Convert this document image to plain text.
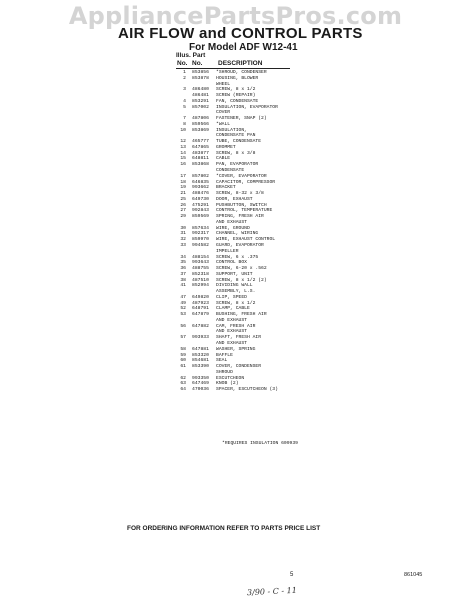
AppliancePartsPros.com
AIR FLOW and CONTROL PARTS
For Model ADF W12-41
Illus. Part
No. No. DESCRIPTION
1 853856 *SHROUD, CONDENSER
2 853878 HOUSING, BLOWER
WHEEL
3 486480 SCREW, 8 x 1/2
486481 SCREW (REPAIR)
4 853291 FAN, CONDENSATE
5 857002 INSULATION, EVAPORATOR
COVER
7 487806 FASTENER, SNAP (2)
8 859566 *WALL
10 853869 INSULATION,
CONDENSATE PAN
12 465777 TUBE, CONDENSATE
13 647865 GROMMET
14 483877 SCREW, 8 x 3/8
15 648811 CABLE
16 853868 PAN, EVAPORATOR
CONDENSATE
17 857802 *COVER, EVAPORATOR
18 646835 CAPACITOR, COMPRESSOR
19 993662 BRACKET
21 488476 SCREW, 8-32 x 3/8
25 649730 DOOR, EXHAUST
26 475291 PUSHBUTTON, SWITCH
27 992843 CONTROL, TEMPERATURE
29 859569 SPRING, FRESH AIR
AND EXHAUST
30 857634 WIRE, GROUND
31 992317 CHANNEL, WIRING
32 859970 WIRE, EXHAUST CONTROL
33 994582 GUARD, EVAPORATOR
IMPELLER
34 488154 SCREW, 6 x .375
35 993643 CONTROL BOX
36 488755 SCREW, 6-20 x .562
37 852318 SUPPORT, UNIT
38 487510 SCREW, 8 x 1/2 (2)
41 852994 DIVIDING WALL
ASSEMBLY, L.S.
47 649820 CLIP, SPEED
49 487923 SCREW, 8 x 1/2
52 648791 CLAMP, CABLE
53 647879 BUSHING, FRESH AIR
AND EXHAUST
56 647882 CAM, FRESH AIR
AND EXHAUST
57 993933 SHAFT, FRESH AIR
AND EXHAUST
58 647881 WASHER, SPRING
59 853320 BAFFLE
60 854681 SEAL
61 853390 COVER, CONDENSER
SHROUD
62 993350 ESCUTCHEON
63 647469 KNOB (2)
64 470036 SPACER, ESCUTCHEON (3)
*REQUIRES INSULATION 609939
FOR ORDERING INFORMATION REFER TO PARTS PRICE LIST
5	861045
3/90 - C - 11
